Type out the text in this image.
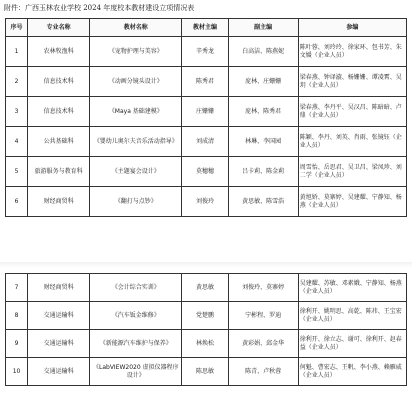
附件：广西玉林农业学校 2024 年度校本教材建设立项情况表
序号	专业名称	教材名称	教材主编	副主编	参编
1	农林牧渔科	《宠物护理与美容》	辛秀龙	白高洁、陈燕妮	陈叶蓉、刘玲玲、徐家环、包书芳、朱文媛（企业人员）
2	信息技术科	《动画分镜头设计》	陈秀君	庞林、庄姗姗	梁春燕、钟译漩、杨姗姗、谭凌霄、吴玥（企业人员）
3	信息技术科	《Maya 基础建模》	庄姗姗	庞林、陈秀君	梁春燕、李丹平、吴汉昌、陈暗暗、卢鼎（企业人员）
4	公共基础科	《婴幼儿奥尔夫音乐活动指导》	刘成清	林琳、李国园	陈颖、李丹、刘英、肖雨、张镜钰（企业人员）
5	旅游服务与教育科	《主题宴会设计》	莫穗穗	吕卡莉、陈金莉	周雪怡、岳思君、吴卫昌、梁凤珍、刘二学（企业人员）
6	财经商贸科	《翻打与点钞》	刘俊玲	黄思敏、陈雪浩	黄旭娇、莫寨婷、吴建耀、宁静知、杨燕（企业人员）
7	财经商贸科	《会计综合实训》	黄思敏	刘俊玲、莫寨婷	吴建耀、苏敏、邓素娥、宁静知、杨燕（企业人员）
8	交通运输科	《汽车钣金维修》	党楚鹏	宁彬程、罗迪	徐利开、姚明思、高乾、陈祎、王宝宏（企业人员）
9	交通运输科	《新能源汽车维护与保养》	林焕松	黄彩娟、邱金华	徐利开、徐立志、谢可、徐利开、赵春益（企业人员）
10	交通运输科	《LabVIEW2020 虚拟仪器程序设计》	陈思敏	陈青、卢秋蓉	何魁、曹宏志、王帆、李小燕、赖雁威（企业人员）
